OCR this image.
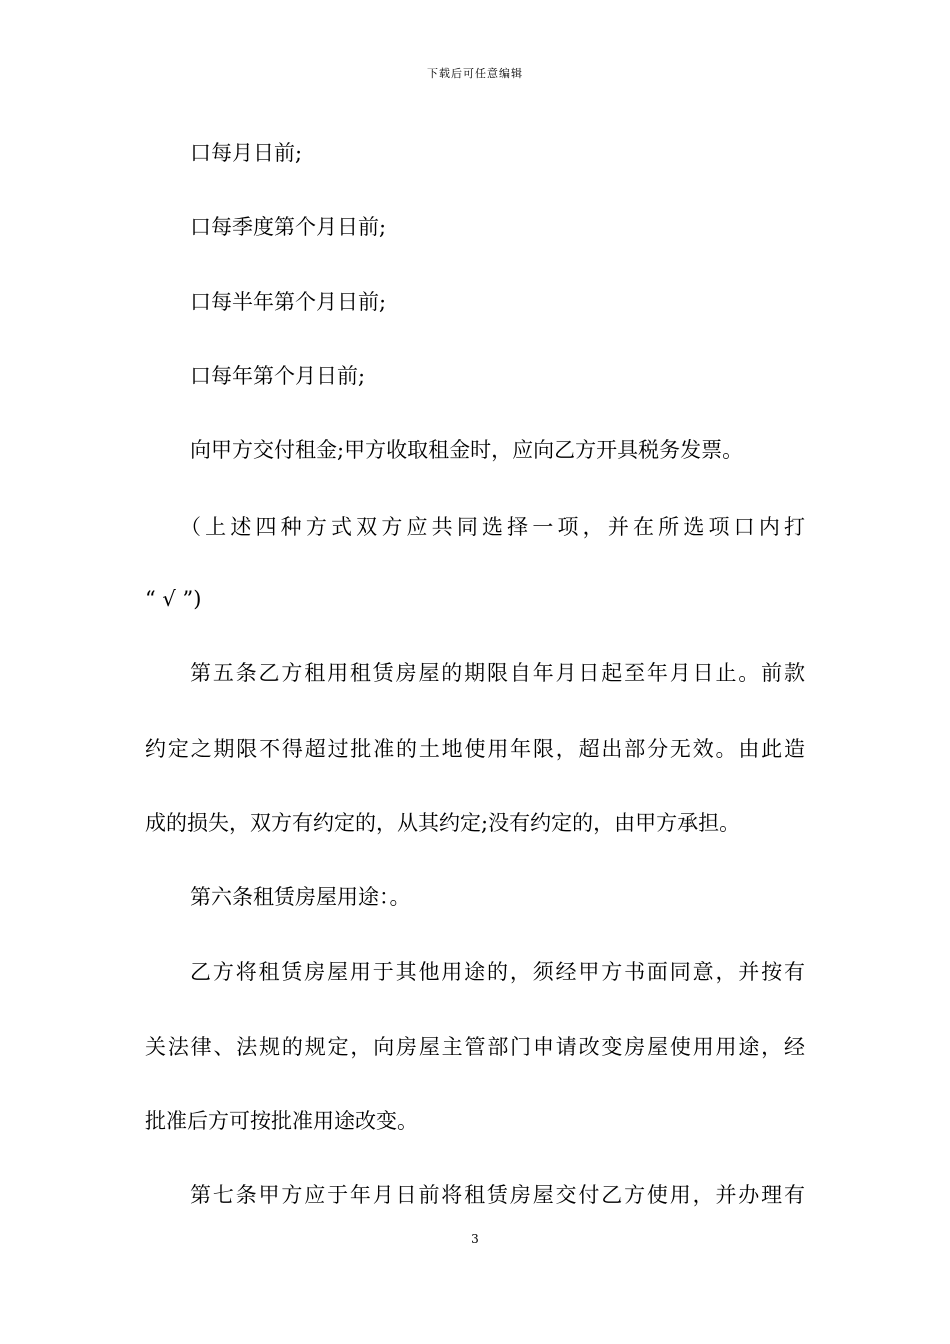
下载后可任意编辑
口每月日前;
口每季度第个月日前;
口每半年第个月日前;
口每年第个月日前;
向甲方交付租金;甲方收取租金时，应向乙方开具税务发票。
（上述四种方式双方应共同选择一项，并在所选项口内打
“ √ ”)
第五条乙方租用租赁房屋的期限自年月日起至年月日止。前款
约定之期限不得超过批准的土地使用年限，超出部分无效。由此造
成的损失，双方有约定的，从其约定;没有约定的，由甲方承担。
第六条租赁房屋用途：。
乙方将租赁房屋用于其他用途的，须经甲方书面同意，并按有
关法律、法规的规定，向房屋主管部门申请改变房屋使用用途，经
批准后方可按批准用途改变。
第七条甲方应于年月日前将租赁房屋交付乙方使用，并办理有
3
